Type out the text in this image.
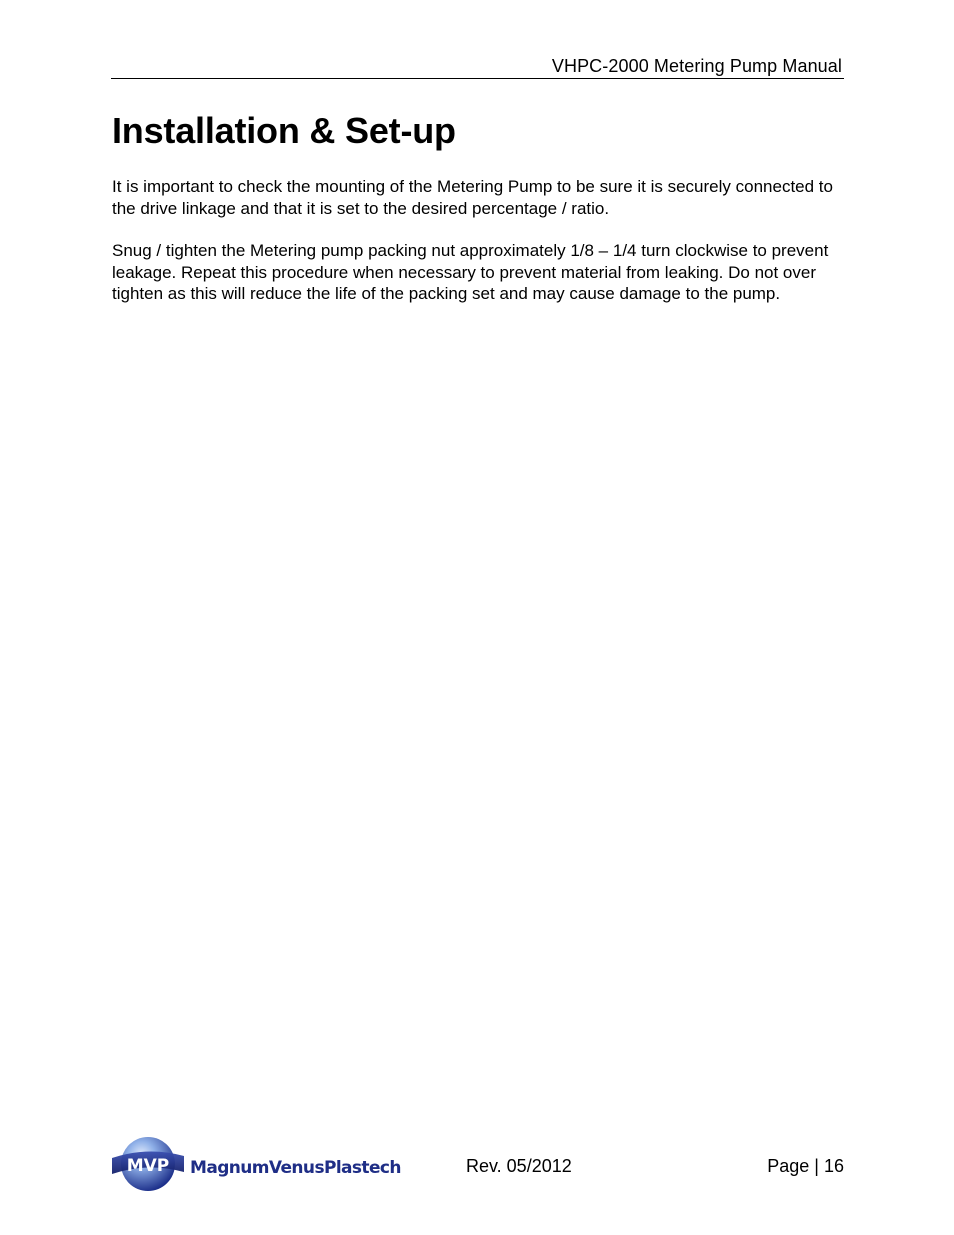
VHPC-2000 Metering Pump Manual
Installation & Set-up

It is important to check the mounting of the Metering Pump to be sure it is securely connected to the drive linkage and that it is set to the desired percentage / ratio.

Snug / tighten the Metering pump packing nut approximately 1/8 – 1/4 turn clockwise to prevent leakage. Repeat this procedure when necessary to prevent material from leaking. Do not over tighten as this will reduce the life of the packing set and may cause damage to the pump.

MVP MagnumVenusPlastech	Rev. 05/2012	Page | 16
